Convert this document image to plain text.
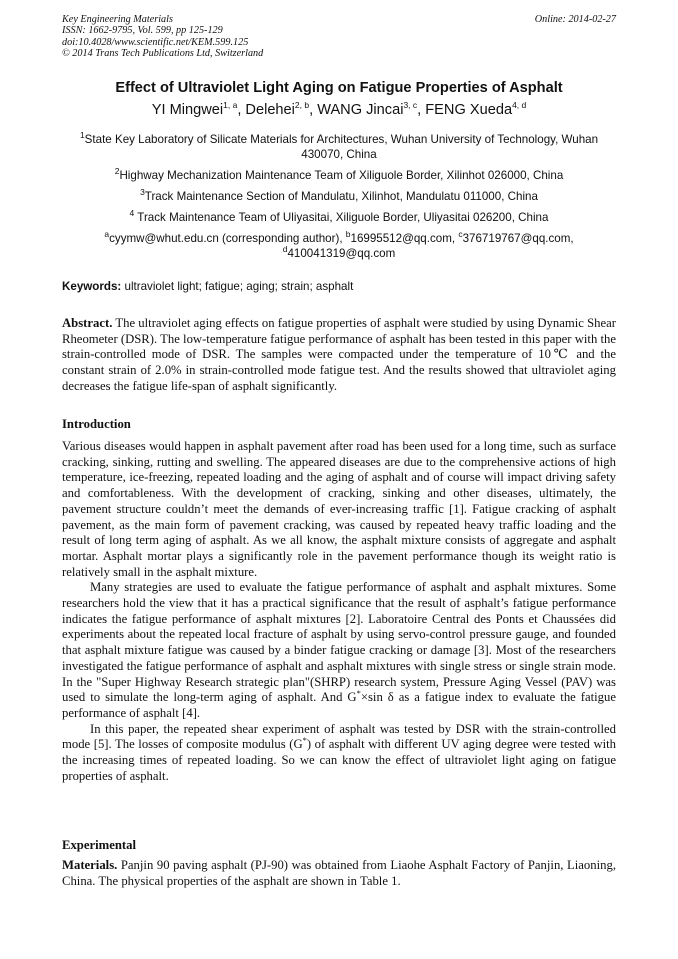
Key Engineering Materials
ISSN: 1662-9795, Vol. 599, pp 125-129
doi:10.4028/www.scientific.net/KEM.599.125
© 2014 Trans Tech Publications Ltd, Switzerland
Online: 2014-02-27
Effect of Ultraviolet Light Aging on Fatigue Properties of Asphalt
YI Mingwei$^{1, a}$, Delehei$^{2, b}$, WANG Jincai$^{3, c}$, FENG Xueda$^{4, d}$
$^1$State Key Laboratory of Silicate Materials for Architectures, Wuhan University of Technology, Wuhan 430070, China
$^2$Highway Mechanization Maintenance Team of Xiliguole Border, Xilinhot 026000, China
$^3$Track Maintenance Section of Mandulatu, Xilinhot, Mandulatu 011000, China
$^4$ Track Maintenance Team of Uliyasitai, Xiliguole Border, Uliyasitai 026200, China
$^a$cyymw@whut.edu.cn (corresponding author), $^b$16995512@qq.com, $^c$376719767@qq.com,
$^d$410041319@qq.com
Keywords: ultraviolet light; fatigue; aging; strain; asphalt
Abstract. The ultraviolet aging effects on fatigue properties of asphalt were studied by using Dynamic Shear Rheometer (DSR). The low-temperature fatigue performance of asphalt has been tested in this paper with the strain-controlled mode of DSR. The samples were compacted under the temperature of 10℃ and the constant strain of 2.0% in strain-controlled mode fatigue test. And the results showed that ultraviolet aging decreases the fatigue life-span of asphalt significantly.
Introduction

Various diseases would happen in asphalt pavement after road has been used for a long time, such as surface cracking, sinking, rutting and swelling. The appeared diseases are due to the comprehensive actions of high temperature, ice-freezing, repeated loading and the aging of asphalt and of course will impact driving safety and comfortableness. With the development of cracking, sinking and other diseases, ultimately, the pavement structure couldn’t meet the demands of ever-increasing traffic [1]. Fatigue cracking of asphalt pavement, as the main form of pavement cracking, was caused by repeated heavy traffic loading and the result of long term aging of asphalt. As we all know, the asphalt mixture consists of aggregate and asphalt mortar. Asphalt mortar plays a significantly role in the pavement performance though its weight ratio is relatively small in the asphalt mixture.

Many strategies are used to evaluate the fatigue performance of asphalt and asphalt mixtures. Some researchers hold the view that it has a practical significance that the result of asphalt’s fatigue performance indicates the fatigue performance of asphalt mixtures [2]. Laboratoire Central des Ponts et Chaussées did experiments about the repeated local fracture of asphalt by using servo-control pressure gauge, and founded that asphalt mixture fatigue was caused by a binder fatigue cracking or damage [3]. Most of the researchers investigated the fatigue performance of asphalt and asphalt mixtures with single stress or single strain mode. In the "Super Highway Research strategic plan"(SHRP) research system, Pressure Aging Vessel (PAV) was used to simulate the long-term aging of asphalt. And G*×sin δ as a fatigue index to evaluate the fatigue performance of asphalt [4].

In this paper, the repeated shear experiment of asphalt was tested by DSR with the strain-controlled mode [5]. The losses of composite modulus (G*) of asphalt with different UV aging degree were tested with the increasing times of repeated loading. So we can know the effect of ultraviolet light aging on fatigue properties of asphalt.

Experimental
Materials. Panjin 90 paving asphalt (PJ-90) was obtained from Liaohe Asphalt Factory of Panjin, Liaoning, China. The physical properties of the asphalt are shown in Table 1.
